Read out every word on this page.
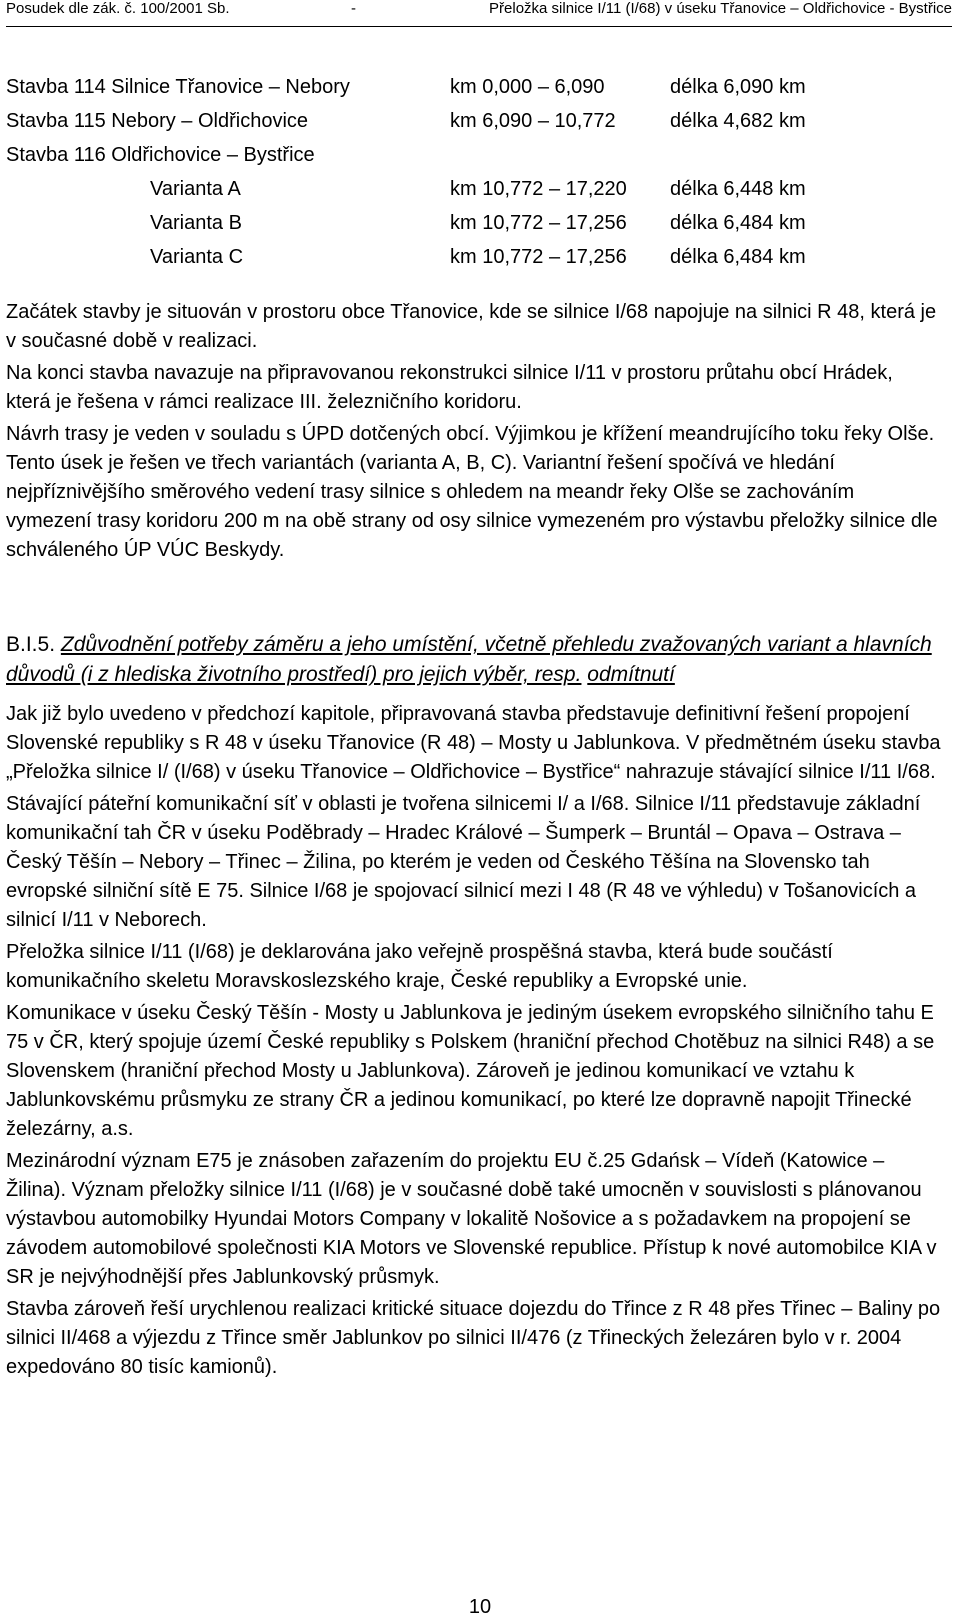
Posudek dle zák. č. 100/2001 Sb.	-	Přeložka silnice I/11 (I/68) v úseku Třanovice – Oldřichovice - Bystřice
Stavba 114 Silnice Třanovice – Nebory	km 0,000 – 6,090	délka 6,090 km
Stavba 115 Nebory – Oldřichovice	km 6,090 – 10,772	délka 4,682 km
Stavba 116 Oldřichovice – Bystřice
Varianta A	km 10,772 – 17,220 délka 6,448 km
Varianta B	km 10,772 – 17,256 délka 6,484 km
Varianta C	km 10,772 – 17,256 délka 6,484 km

Začátek stavby je situován v prostoru obce Třanovice, kde se silnice I/68 napojuje na silnici R 48, která je v současné době v realizaci.

Na konci stavba navazuje na připravovanou rekonstrukci silnice I/11 v prostoru průtahu obcí Hrádek, která je řešena v rámci realizace III. železničního koridoru.

Návrh trasy je veden v souladu s ÚPD dotčených obcí. Výjimkou je křížení meandrujícího toku řeky Olše. Tento úsek je řešen ve třech variantách (varianta A, B, C). Variantní řešení spočívá ve hledání nejpříznivějšího směrového vedení trasy silnice s ohledem na meandr řeky Olše se zachováním vymezení trasy koridoru 200 m na obě strany od osy silnice vymezeném pro výstavbu přeložky silnice dle schváleného ÚP VÚC Beskydy.

B.I.5. Zdůvodnění potřeby záměru a jeho umístění, včetně přehledu zvažovaných variant a hlavních důvodů (i z hlediska životního prostředí) pro jejich výběr, resp. odmítnutí

Jak již bylo uvedeno v předchozí kapitole, připravovaná stavba představuje definitivní řešení propojení Slovenské republiky s R 48 v úseku Třanovice (R 48) – Mosty u Jablunkova. V předmětném úseku stavba „Přeložka silnice I/ (I/68) v úseku Třanovice – Oldřichovice – Bystřice“ nahrazuje stávající silnice I/11 I/68.

Stávající páteřní komunikační síť v oblasti je tvořena silnicemi I/ a I/68. Silnice I/11 představuje základní komunikační tah ČR v úseku Poděbrady – Hradec Králové – Šumperk – Bruntál – Opava – Ostrava – Český Těšín – Nebory – Třinec – Žilina, po kterém je veden od Českého Těšína na Slovensko tah evropské silniční sítě E 75. Silnice I/68 je spojovací silnicí mezi I 48 (R 48 ve výhledu) v Tošanovicích a silnicí I/11 v Neborech.

Přeložka silnice I/11 (I/68) je deklarována jako veřejně prospěšná stavba, která bude součástí komunikačního skeletu Moravskoslezského kraje, České republiky a Evropské unie.

Komunikace v úseku Český Těšín - Mosty u Jablunkova je jediným úsekem evropského silničního tahu E 75 v ČR, který spojuje území České republiky s Polskem (hraniční přechod Chotěbuz na silnici R48) a se Slovenskem (hraniční přechod Mosty u Jablunkova). Zároveň je jedinou komunikací ve vztahu k Jablunkovskému průsmyku ze strany ČR a jedinou komunikací, po které lze dopravně napojit Třinecké železárny, a.s.

Mezinárodní význam E75 je znásoben zařazením do projektu EU č.25 Gdańsk – Vídeň (Katowice – Žilina). Význam přeložky silnice I/11 (I/68) je v současné době také umocněn v souvislosti s plánovanou výstavbou automobilky Hyundai Motors Company v lokalitě Nošovice a s požadavkem na propojení se závodem automobilové společnosti KIA Motors ve Slovenské republice. Přístup k nové automobilce KIA v SR je nejvýhodnější přes Jablunkovský průsmyk.

Stavba zároveň řeší urychlenou realizaci kritické situace dojezdu do Třince z R 48 přes Třinec – Baliny po silnici II/468 a výjezdu z Třince směr Jablunkov po silnici II/476 (z Třineckých železáren bylo v r. 2004 expedováno 80 tisíc kamionů).

10
